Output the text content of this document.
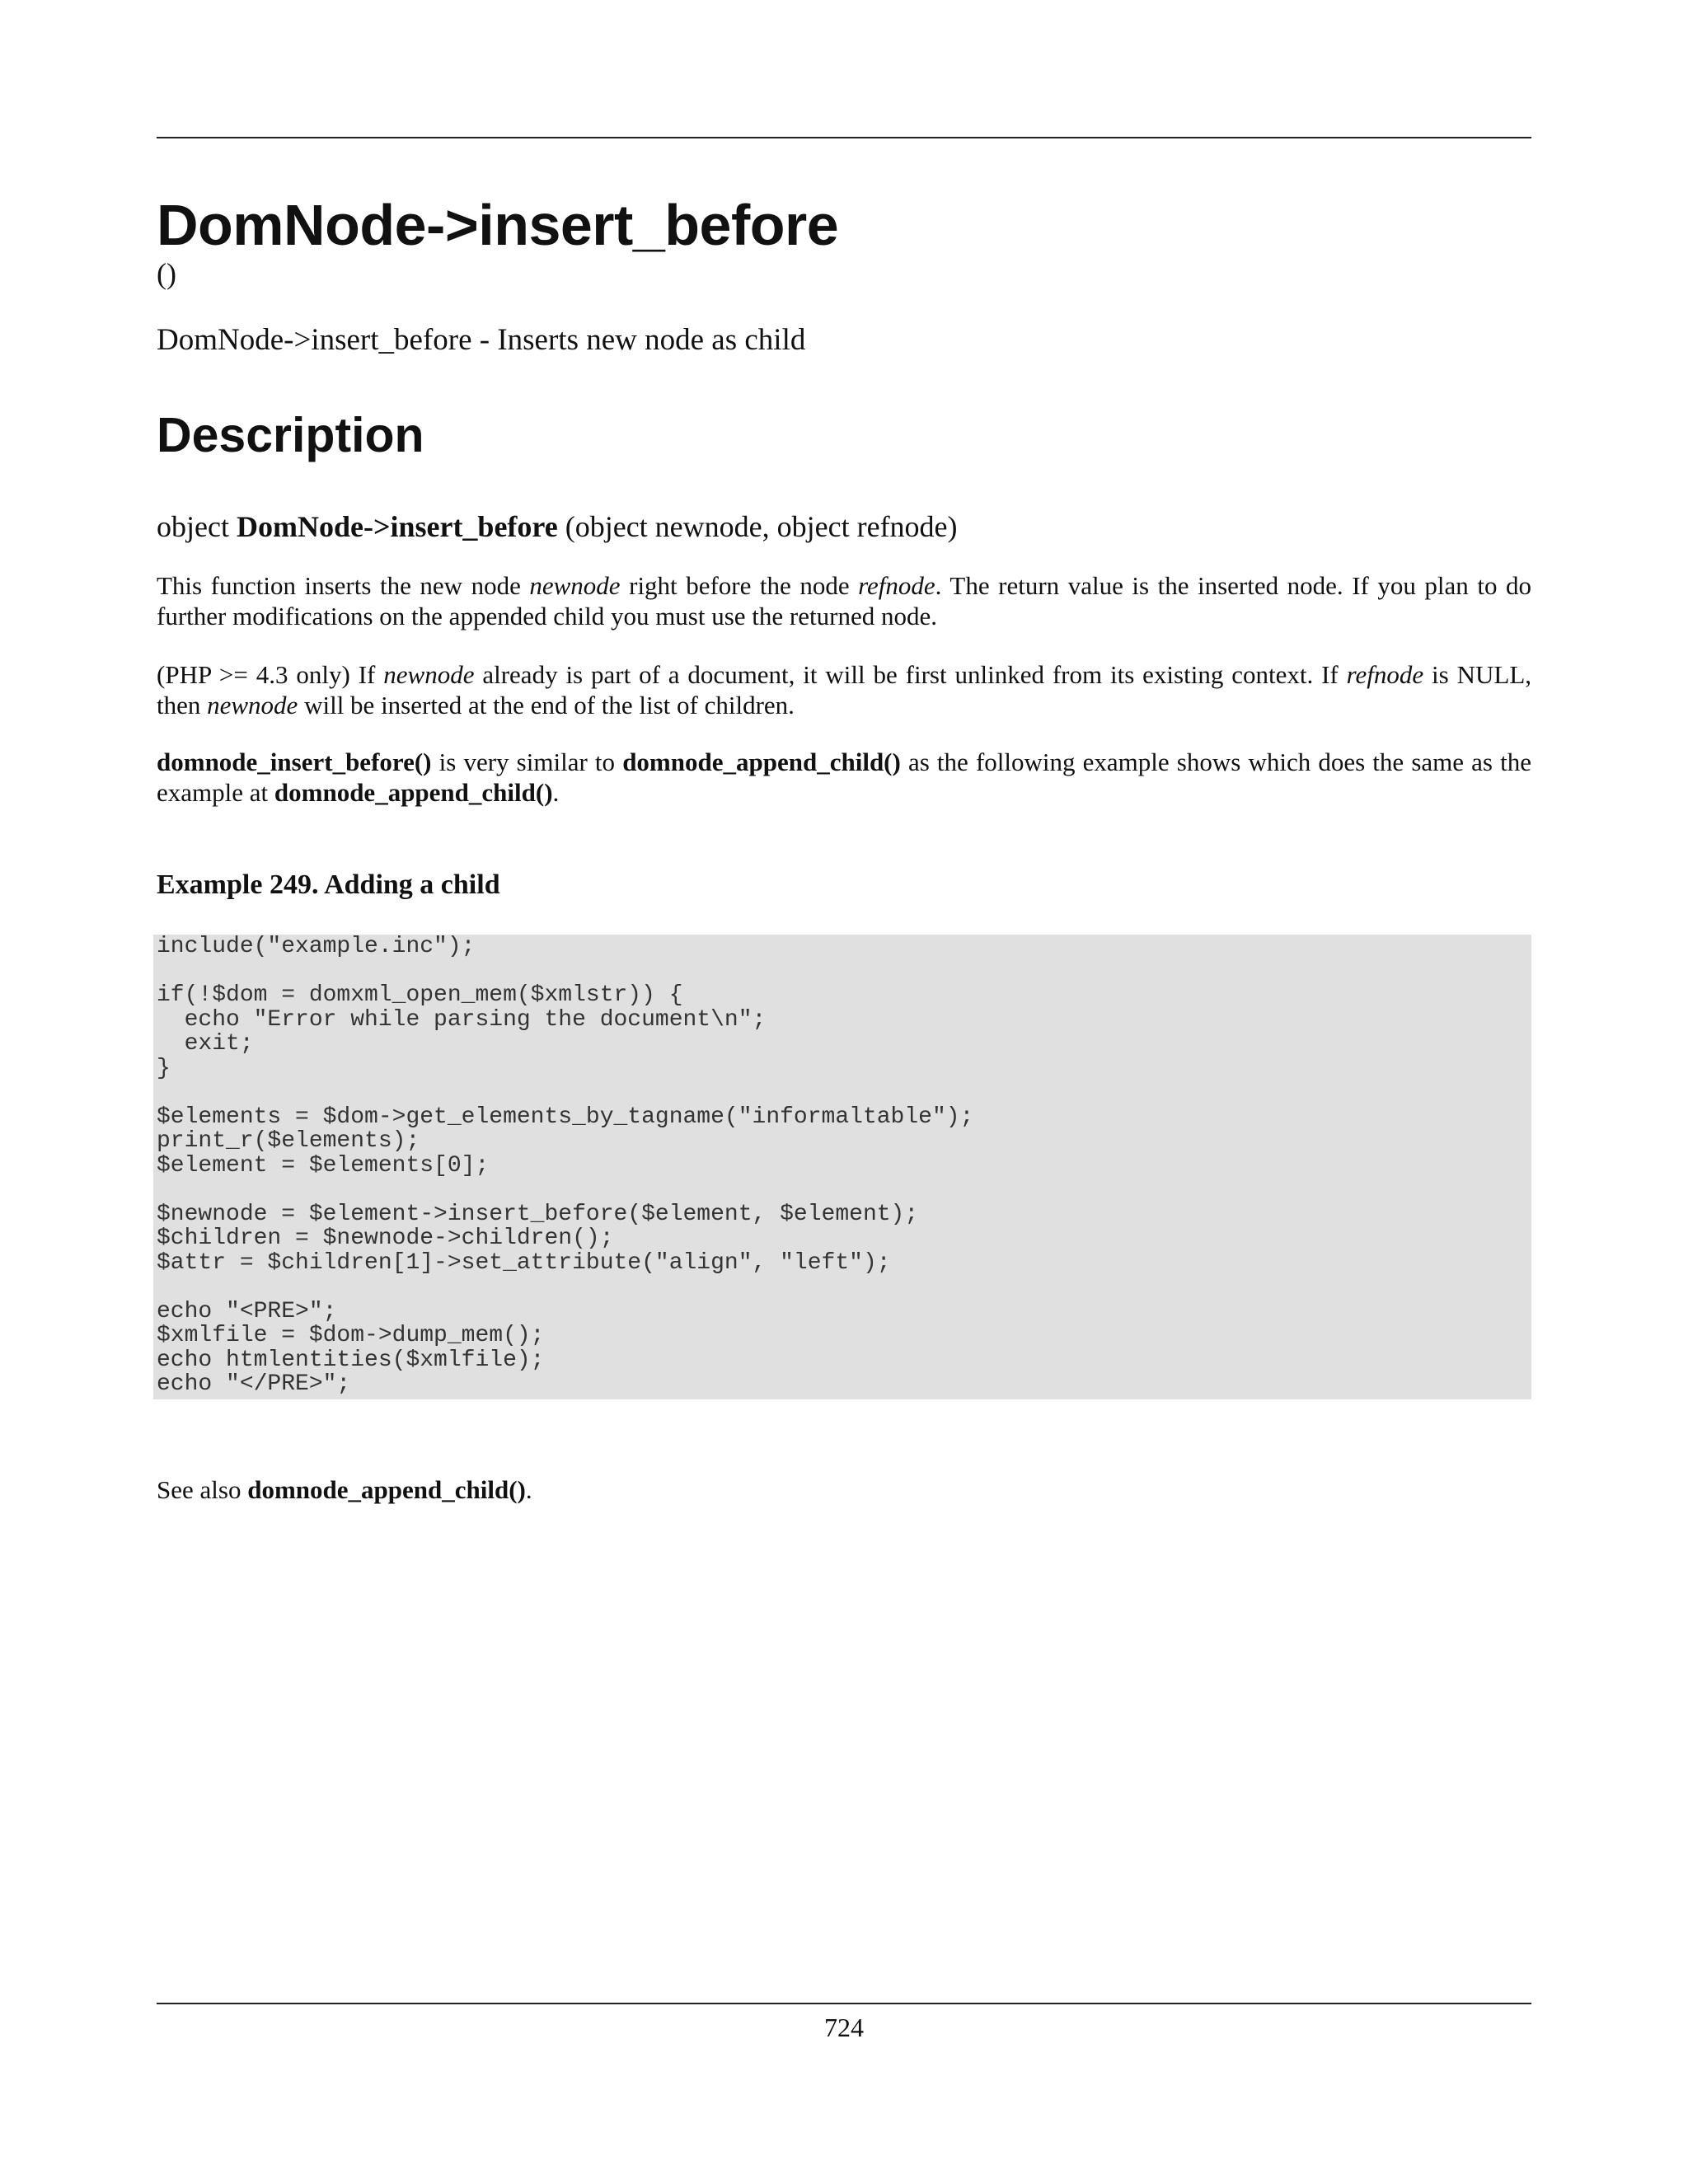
DomNode->insert_before
()
DomNode->insert_before - Inserts new node as child
Description
object DomNode->insert_before (object newnode, object refnode)

This function inserts the new node newnode right before the node refnode. The return value is the inserted node. If you plan to do further modifications on the appended child you must use the returned node.

(PHP >= 4.3 only) If newnode already is part of a document, it will be first unlinked from its existing context. If refnode is NULL, then newnode will be inserted at the end of the list of children.

domnode_insert_before() is very similar to domnode_append_child() as the following example shows which does the same as the example at domnode_append_child().

Example 249. Adding a child
include("example.inc");

if(!$dom = domxml_open_mem($xmlstr)) {
echo "Error while parsing the document\n";
exit;
}

$elements = $dom->get_elements_by_tagname("informaltable");
print_r($elements);
$element = $elements[0];

$newnode = $element->insert_before($element, $element);
$children = $newnode->children();
$attr = $children[1]->set_attribute("align", "left");

echo "<PRE>";
$xmlfile = $dom->dump_mem();
echo htmlentities($xmlfile);
echo "</PRE>";
See also domnode_append_child().
724
